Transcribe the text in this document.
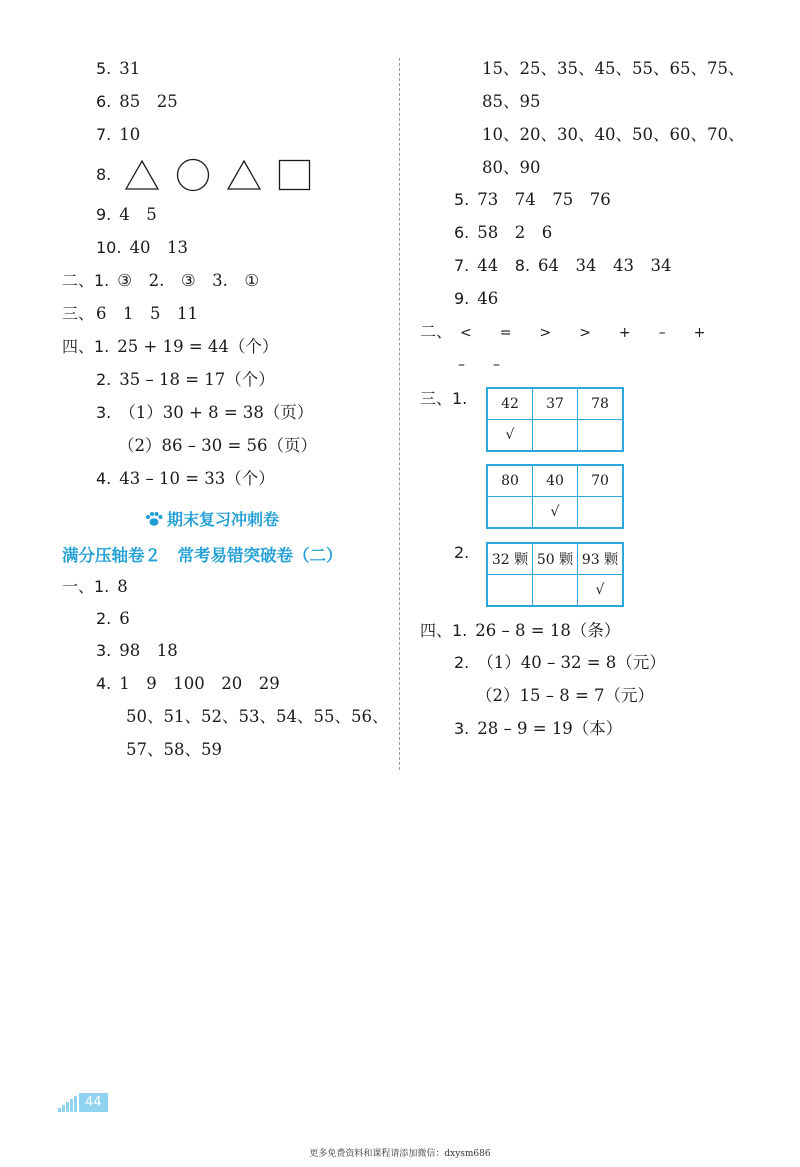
5. 31
6. 85　25
7. 10
8.
9. 4　5
10. 40　13
二、1. ③　2.　③　3.　①
三、 6　1　5　11
四、1. 25 + 19 = 44（个）
2. 35 – 18 = 17（个）
3. （1）30 + 8 = 38（页）
（2）86 – 30 = 56（页）
4. 43 – 10 = 33（个）
期末复习冲刺卷
满分压轴卷２　常考易错突破卷（二）
一、1. 8
2. 6
3. 98　18
4. 1　9　100　20　29
50、51、52、53、54、55、56、
57、58、59
15、25、35、45、55、65、75、
85、95
10、20、30、40、50、60、70、
80、90
5. 73　74　75　76
6. 58　2　6
7. 44　8. 64　34　43　34
9. 46
二、 <　　=　　>　　>　　+　　–　　+
–　　–
三、1.	42	37	78
√		
80	40	70
	√	
2.	32 颗	50 颗	93 颗
		√
四、1. 26 – 8 = 18（条）
2. （1）40 – 32 = 8（元）
（2）15 – 8 = 7（元）
3. 28 – 9 = 19（本）
44
更多免费资料和课程请添加微信：dxysm686
